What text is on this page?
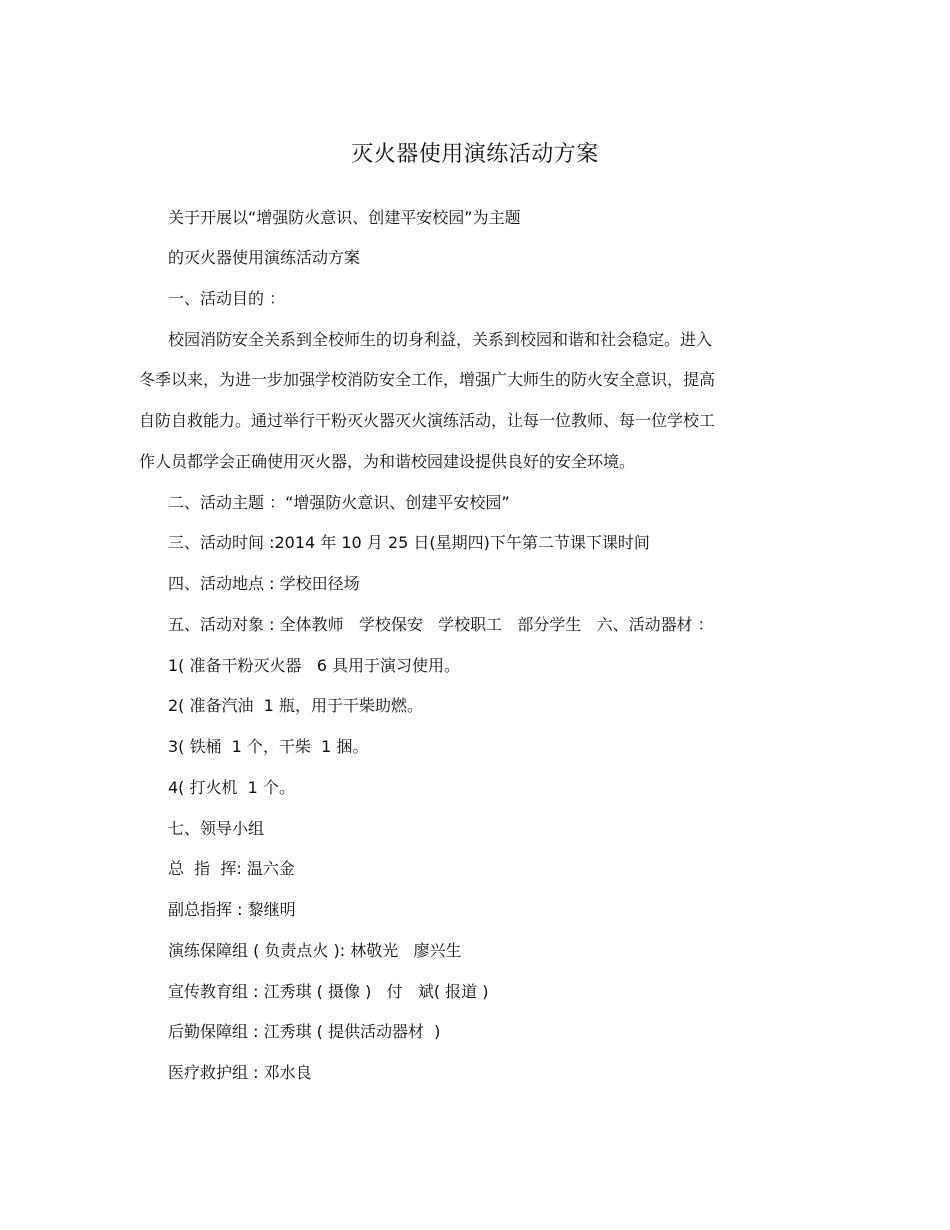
灭火器使用演练活动方案
关于开展以“增强防火意识、创建平安校园”为主题
的灭火器使用演练活动方案
一、活动目的 ：
校园消防安全关系到全校师生的切身利益，关系到校园和谐和社会稳定。进入
冬季以来，为进一步加强学校消防安全工作，增强广大师生的防火安全意识，提高
自防自救能力。通过举行干粉灭火器灭火演练活动，让每一位教师、每一位学校工
作人员都学会正确使用灭火器，为和谐校园建设提供良好的安全环境。
二、活动主题 ：“增强防火意识、创建平安校园”
三、活动时间 :2014 年 10 月 25 日(星期四)下午第二节课下课时间
四、活动地点 : 学校田径场
五、活动对象 : 全体教师   学校保安   学校职工   部分学生   六、活动器材 ：
1( 准备干粉灭火器   6 具用于演习使用。
2( 准备汽油  1 瓶，用于干柴助燃。
3( 铁桶  1 个，干柴  1 捆。
4( 打火机  1 个。
七、领导小组
总  指  挥: 温六金
副总指挥 : 黎继明
演练保障组 ( 负责点火 ): 林敬光   廖兴生
宣传教育组 : 江秀琪 ( 摄像 )   付   斌( 报道 )
后勤保障组 : 江秀琪 ( 提供活动器材  )
医疗救护组 : 邓水良
